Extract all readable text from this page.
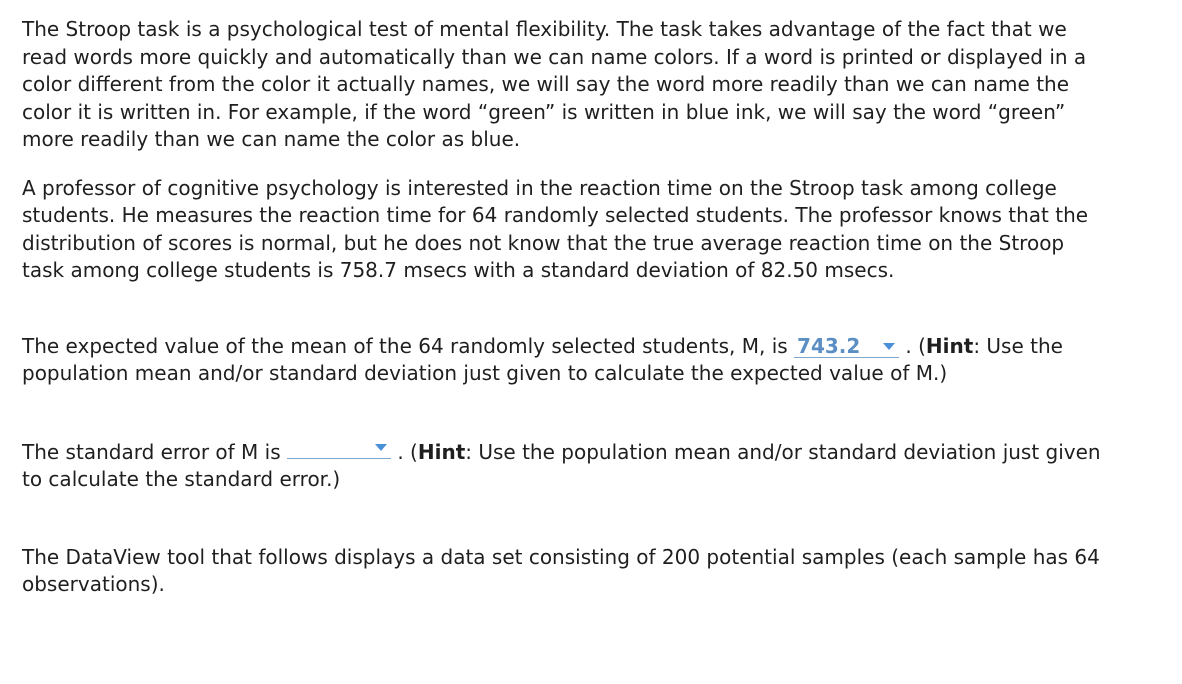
The Stroop task is a psychological test of mental flexibility. The task takes advantage of the fact that we read words more quickly and automatically than we can name colors. If a word is printed or displayed in a color different from the color it actually names, we will say the word more readily than we can name the color it is written in. For example, if the word “green” is written in blue ink, we will say the word “green” more readily than we can name the color as blue.

A professor of cognitive psychology is interested in the reaction time on the Stroop task among college students. He measures the reaction time for 64 randomly selected students. The professor knows that the distribution of scores is normal, but he does not know that the true average reaction time on the Stroop task among college students is 758.7 msecs with a standard deviation of 82.50 msecs.

The expected value of the mean of the 64 randomly selected students, M, is 743.2
. (Hint: Use the population mean and/or standard deviation just given to calculate the expected value of M.)

The standard error of M is	. (Hint: Use the population mean and/or standard deviation just given to calculate the standard error.)

The DataView tool that follows displays a data set consisting of 200 potential samples (each sample has 64 observations).
